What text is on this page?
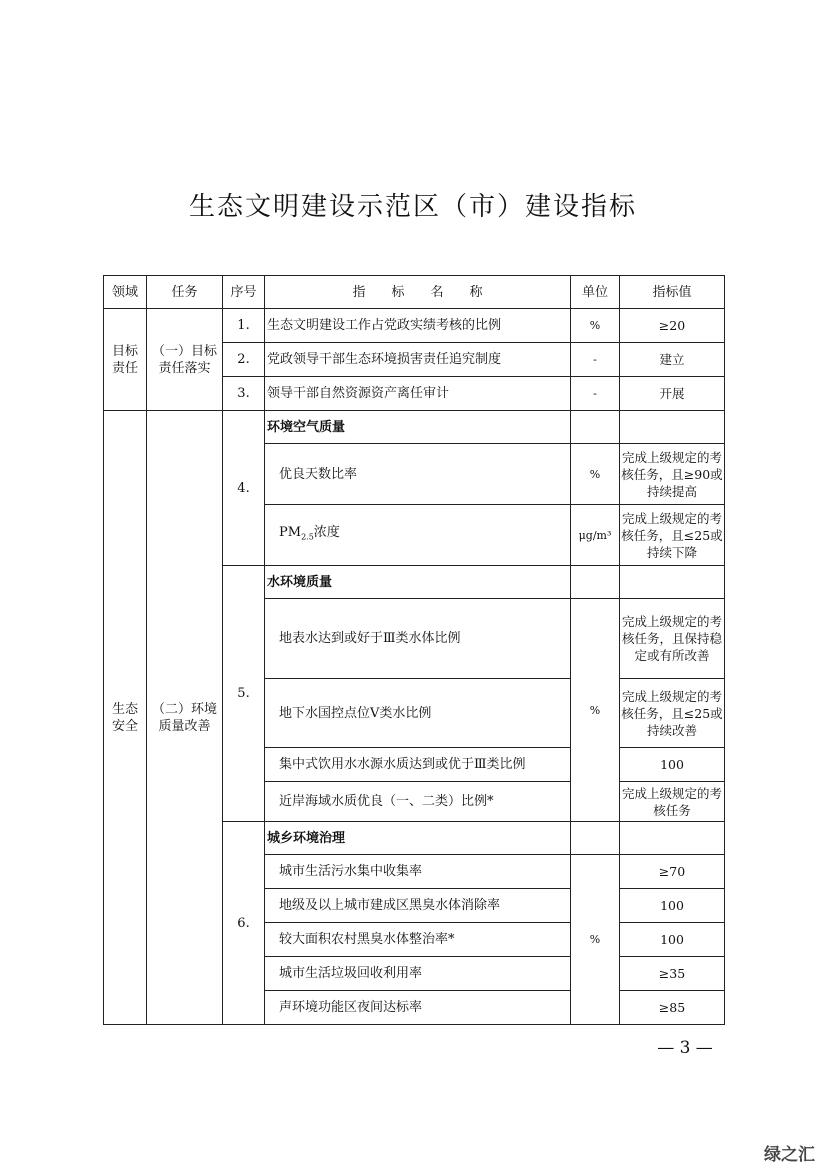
生态文明建设示范区（市）建设指标
领域	任务	序号	指　　标　　名　　称	单位	指标值
目标责任	（一）目标责任落实	1.	生态文明建设工作占党政实绩考核的比例	%	≥20
		2.	党政领导干部生态环境损害责任追究制度	-	建立
		3.	领导干部自然资源资产离任审计	-	开展
生态安全	（二）环境质量改善	4.	环境空气质量		
			优良天数比率	%	完成上级规定的考核任务，且≥90或持续提高
			$PM_{2.5}$浓度	μg/m³	完成上级规定的考核任务，且≤25或持续下降
		5.	水环境质量		
			地表水达到或好于Ⅲ类水体比例	%	完成上级规定的考核任务，且保持稳定或有所改善
			地下水国控点位Ⅴ类水比例		完成上级规定的考核任务，且≤25或持续改善
			集中式饮用水水源水质达到或优于Ⅲ类比例		100
			近岸海域水质优良（一、二类）比例*		完成上级规定的考核任务
		6.	城乡环境治理		
			城市生活污水集中收集率	%	≥70
			地级及以上城市建成区黑臭水体消除率		100
			较大面积农村黑臭水体整治率*		100
			城市生活垃圾回收利用率		≥35
			声环境功能区夜间达标率		≥85
— 3 —
绿之汇
